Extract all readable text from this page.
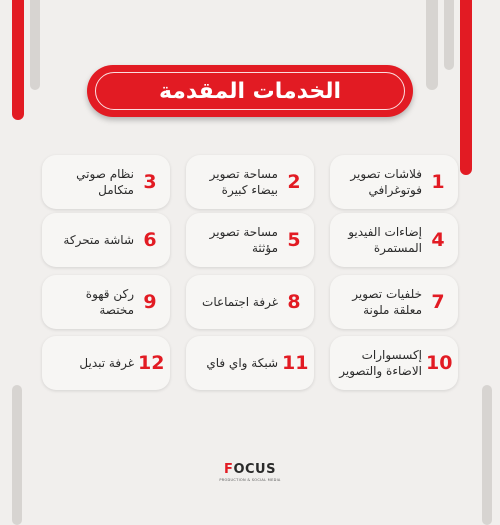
الخدمات المقدمة
1
فلاشات تصوير فوتوغرافي
2
مساحة تصوير بيضاء كبيرة
3
نظام صوتي متكامل
4
إضاءات الفيديو المستمرة
5
مساحة تصوير مؤثثة
6
شاشة متحركة
7
خلفيات تصوير معلقة ملونة
8
غرفة اجتماعات
9
ركن قهوة مختصة
10
إكسسوارات الاضاءة والتصوير
11
شبكة واي فاي
12
غرفة تبديل
FOCUS
PRODUCTION & SOCIAL MEDIA
